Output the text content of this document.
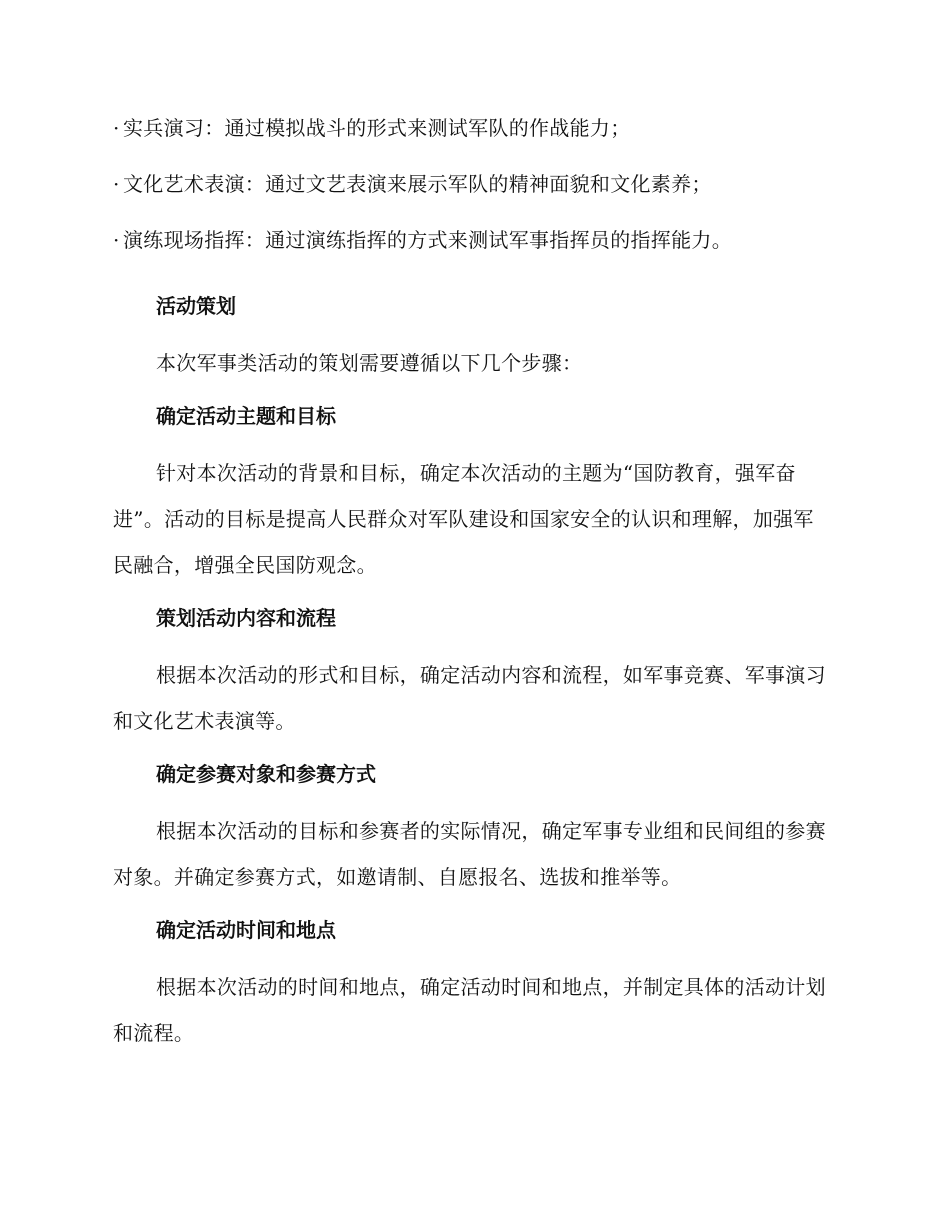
· 实兵演习：通过模拟战斗的形式来测试军队的作战能力；

· 文化艺术表演：通过文艺表演来展示军队的精神面貌和文化素养；

· 演练现场指挥：通过演练指挥的方式来测试军事指挥员的指挥能力。

活动策划

本次军事类活动的策划需要遵循以下几个步骤：

确定活动主题和目标

针对本次活动的背景和目标，确定本次活动的主题为“国防教育，强军奋进”。活动的目标是提高人民群众对军队建设和国家安全的认识和理解，加强军民融合，增强全民国防观念。

策划活动内容和流程

根据本次活动的形式和目标，确定活动内容和流程，如军事竞赛、军事演习和文化艺术表演等。

确定参赛对象和参赛方式

根据本次活动的目标和参赛者的实际情况，确定军事专业组和民间组的参赛对象。并确定参赛方式，如邀请制、自愿报名、选拔和推举等。

确定活动时间和地点

根据本次活动的时间和地点，确定活动时间和地点，并制定具体的活动计划和流程。
